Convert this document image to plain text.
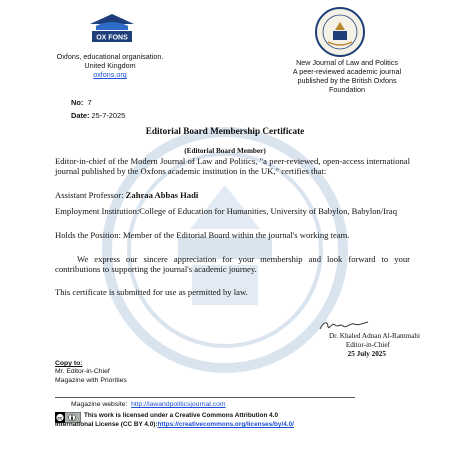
OX FONS
Oxfons, educational organisation.
United Kingdom
oxfons.org
New Journal of Law and Politics
A peer-reviewed academic journal
published by the British Oxfons
Foundation
No: 7
Date: 25-7-2025
Editorial Board Membership Certificate
(Editorial Board Member)
Editor-in-chief of the Modern Journal of Law and Politics, "a peer-reviewed, open-access international journal published by the Oxfons academic institution in the UK," certifies that:
Assistant Professor: Zahraa Abbas Hadi
Employment Institution:College of Education for Humanities, University of Babylon, Babylon/Iraq
Holds the Position: Member of the Editorial Board within the journal's working team.
We express our sincere appreciation for your membership and look forward to your contributions to supporting the journal's academic journey.
This certificate is submitted for use as permitted by law.
Dr. Khaled Adnan Al-Rammahi
Editor-in-Chief
25 July 2025
Copy to:
Mr. Editor-in-Chief
Magazine with Priorities
Magazine website: http://lawandpoliticsjournal.com
cc	This work is licensed under a Creative Commons Attribution 4.0
International License (CC BY 4.0):https://creativecommons.org/licenses/by/4.0/
